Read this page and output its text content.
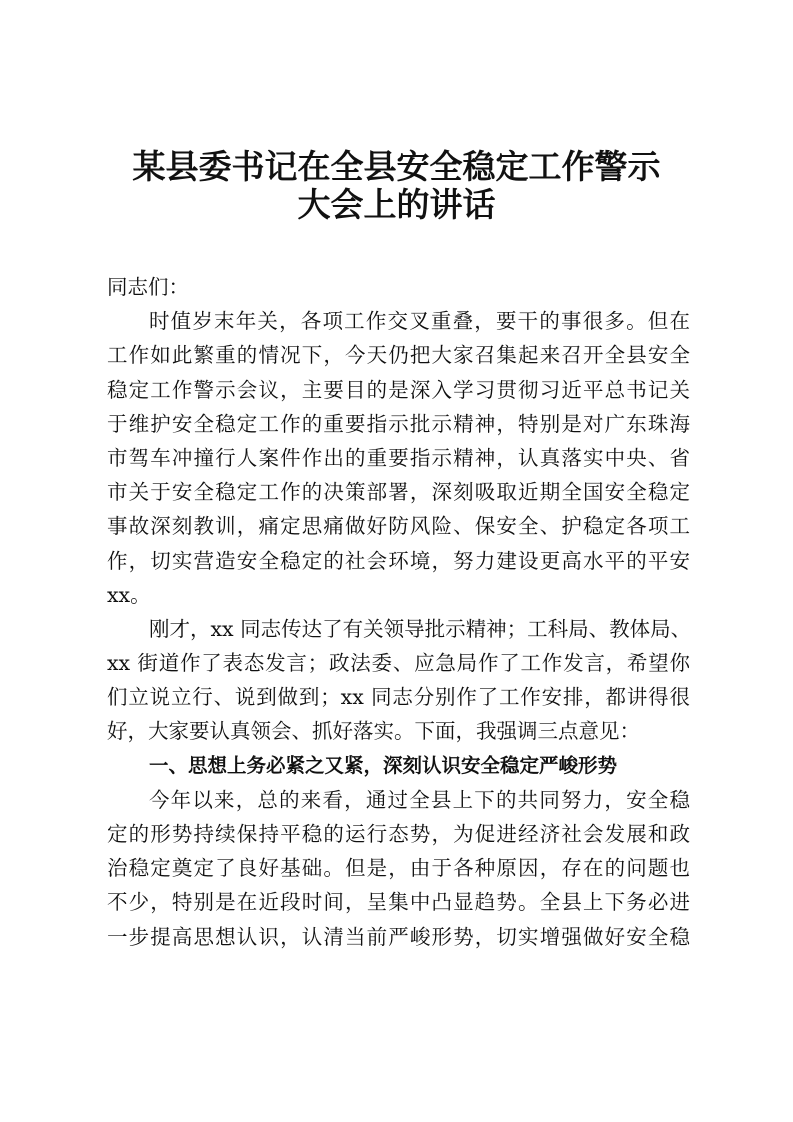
某县委书记在全县安全稳定工作警示
大会上的讲话
同志们：
时值岁末年关，各项工作交叉重叠，要干的事很多。但在
工作如此繁重的情况下，今天仍把大家召集起来召开全县安全
稳定工作警示会议，主要目的是深入学习贯彻习近平总书记关
于维护安全稳定工作的重要指示批示精神，特别是对广东珠海
市驾车冲撞行人案件作出的重要指示精神，认真落实中央、省
市关于安全稳定工作的决策部署，深刻吸取近期全国安全稳定
事故深刻教训，痛定思痛做好防风险、保安全、护稳定各项工
作，切实营造安全稳定的社会环境，努力建设更高水平的平安
xx。
刚才，xx 同志传达了有关领导批示精神；工科局、教体局、
xx 街道作了表态发言；政法委、应急局作了工作发言，希望你
们立说立行、说到做到；xx 同志分别作了工作安排，都讲得很
好，大家要认真领会、抓好落实。下面，我强调三点意见：
一、思想上务必紧之又紧，深刻认识安全稳定严峻形势
今年以来，总的来看，通过全县上下的共同努力，安全稳
定的形势持续保持平稳的运行态势，为促进经济社会发展和政
治稳定奠定了良好基础。但是，由于各种原因，存在的问题也
不少，特别是在近段时间，呈集中凸显趋势。全县上下务必进
一步提高思想认识，认清当前严峻形势，切实增强做好安全稳
